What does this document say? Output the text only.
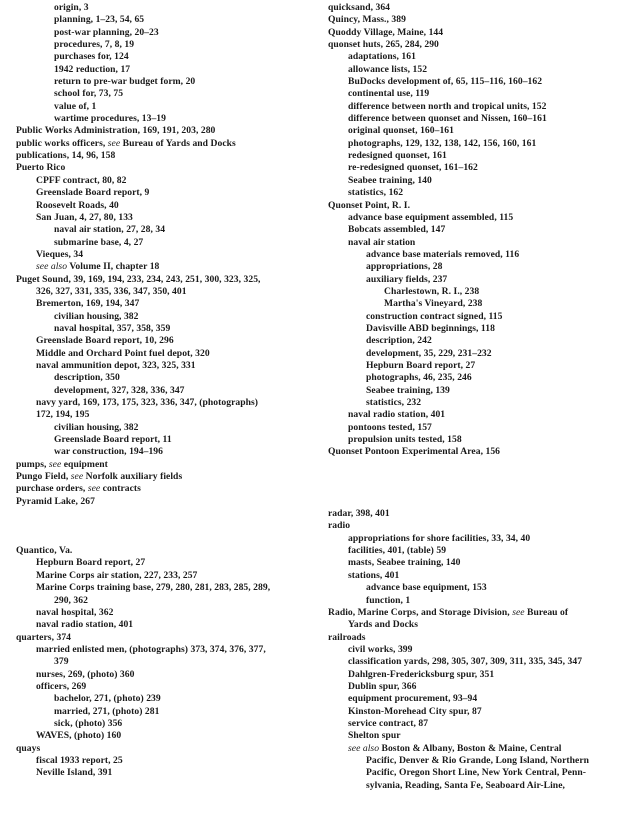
origin, 3
planning, 1–23, 54, 65
post-war planning, 20–23
procedures, 7, 8, 19
purchases for, 124
1942 reduction, 17
return to pre-war budget form, 20
school for, 73, 75
value of, 1
wartime procedures, 13–19
Public Works Administration, 169, 191, 203, 280
public works officers, see Bureau of Yards and Docks
publications, 14, 96, 158
Puerto Rico
CPFF contract, 80, 82
Greenslade Board report, 9
Roosevelt Roads, 40
San Juan, 4, 27, 80, 133
naval air station, 27, 28, 34
submarine base, 4, 27
Vieques, 34
see also Volume II, chapter 18
Puget Sound, 39, 169, 194, 233, 234, 243, 251, 300, 323, 325,
326, 327, 331, 335, 336, 347, 350, 401
Bremerton, 169, 194, 347
civilian housing, 382
naval hospital, 357, 358, 359
Greenslade Board report, 10, 296
Middle and Orchard Point fuel depot, 320
naval ammunition depot, 323, 325, 331
description, 350
development, 327, 328, 336, 347
navy yard, 169, 173, 175, 323, 336, 347, (photographs)
172, 194, 195
civilian housing, 382
Greenslade Board report, 11
war construction, 194–196
pumps, see equipment
Pungo Field, see Norfolk auxiliary fields
purchase orders, see contracts
Pyramid Lake, 267
Quantico, Va.
Hepburn Board report, 27
Marine Corps air station, 227, 233, 257
Marine Corps training base, 279, 280, 281, 283, 285, 289,
290, 362
naval hospital, 362
naval radio station, 401
quarters, 374
married enlisted men, (photographs) 373, 374, 376, 377,
379
nurses, 269, (photo) 360
officers, 269
bachelor, 271, (photo) 239
married, 271, (photo) 281
sick, (photo) 356
WAVES, (photo) 160
quays
fiscal 1933 report, 25
Neville Island, 391
quicksand, 364
Quincy, Mass., 389
Quoddy Village, Maine, 144
quonset huts, 265, 284, 290
adaptations, 161
allowance lists, 152
BuDocks development of, 65, 115–116, 160–162
continental use, 119
difference between north and tropical units, 152
difference between quonset and Nissen, 160–161
original quonset, 160–161
photographs, 129, 132, 138, 142, 156, 160, 161
redesigned quonset, 161
re-redesigned quonset, 161–162
Seabee training, 140
statistics, 162
Quonset Point, R. I.
advance base equipment assembled, 115
Bobcats assembled, 147
naval air station
advance base materials removed, 116
appropriations, 28
auxiliary fields, 237
Charlestown, R. I., 238
Martha's Vineyard, 238
construction contract signed, 115
Davisville ABD beginnings, 118
description, 242
development, 35, 229, 231–232
Hepburn Board report, 27
photographs, 46, 235, 246
Seabee training, 139
statistics, 232
naval radio station, 401
pontoons tested, 157
propulsion units tested, 158
Quonset Pontoon Experimental Area, 156
radar, 398, 401
radio
appropriations for shore facilities, 33, 34, 40
facilities, 401, (table) 59
masts, Seabee training, 140
stations, 401
advance base equipment, 153
function, 1
Radio, Marine Corps, and Storage Division, see Bureau of
Yards and Docks
railroads
civil works, 399
classification yards, 298, 305, 307, 309, 311, 335, 345, 347
Dahlgren-Fredericksburg spur, 351
Dublin spur, 366
equipment procurement, 93–94
Kinston-Morehead City spur, 87
service contract, 87
Shelton spur
see also Boston & Albany, Boston & Maine, Central
Pacific, Denver & Rio Grande, Long Island, Northern
Pacific, Oregon Short Line, New York Central, Penn-
sylvania, Reading, Santa Fe, Seaboard Air-Line,
